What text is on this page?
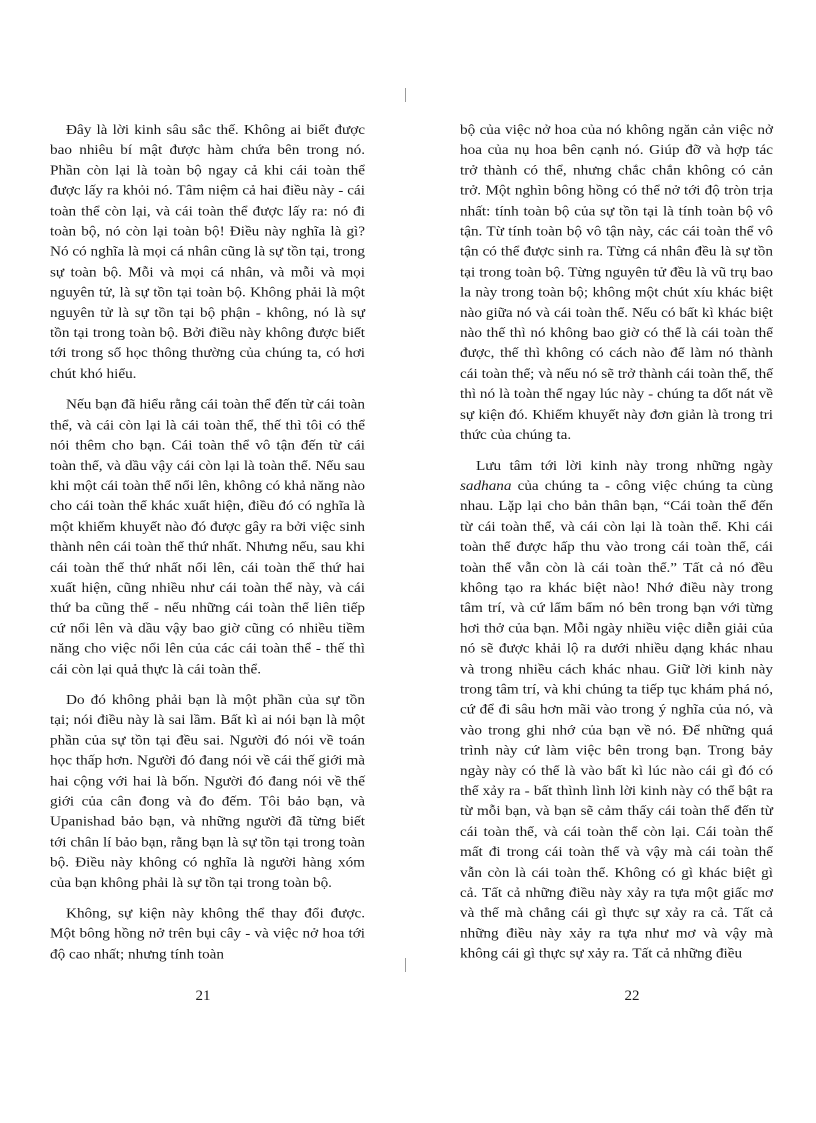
Đây là lời kinh sâu sắc thế. Không ai biết được bao nhiêu bí mật được hàm chứa bên trong nó. Phần còn lại là toàn bộ ngay cả khi cái toàn thể được lấy ra khỏi nó. Tâm niệm cả hai điều này - cái toàn thể còn lại, và cái toàn thể được lấy ra: nó đi toàn bộ, nó còn lại toàn bộ! Điều này nghĩa là gì? Nó có nghĩa là mọi cá nhân cũng là sự tồn tại, trong sự toàn bộ. Mỗi và mọi cá nhân, và mỗi và mọi nguyên tử, là sự tồn tại toàn bộ. Không phải là một nguyên tử là sự tồn tại bộ phận - không, nó là sự tồn tại trong toàn bộ. Bởi điều này không được biết tới trong số học thông thường của chúng ta, có hơi chút khó hiểu.

Nếu bạn đã hiểu rằng cái toàn thể đến từ cái toàn thể, và cái còn lại là cái toàn thể, thế thì tôi có thể nói thêm cho bạn. Cái toàn thể vô tận đến từ cái toàn thể, và dầu vậy cái còn lại là toàn thể. Nếu sau khi một cái toàn thể nổi lên, không có khả năng nào cho cái toàn thể khác xuất hiện, điều đó có nghĩa là một khiếm khuyết nào đó được gây ra bởi việc sinh thành nên cái toàn thể thứ nhất. Nhưng nếu, sau khi cái toàn thể thứ nhất nổi lên, cái toàn thể thứ hai xuất hiện, cũng nhiều như cái toàn thể này, và cái thứ ba cũng thế - nếu những cái toàn thể liên tiếp cứ nổi lên và dầu vậy bao giờ cũng có nhiều tiềm năng cho việc nổi lên của các cái toàn thể - thế thì cái còn lại quả thực là cái toàn thể.

Do đó không phải bạn là một phần của sự tồn tại; nói điều này là sai lầm. Bất kì ai nói bạn là một phần của sự tồn tại đều sai. Người đó nói về toán học thấp hơn. Người đó đang nói về cái thế giới mà hai cộng với hai là bốn. Người đó đang nói về thế giới của cân đong và đo đếm. Tôi bảo bạn, và Upanishad bảo bạn, và những người đã từng biết tới chân lí bảo bạn, rằng bạn là sự tồn tại trong toàn bộ. Điều này không có nghĩa là người hàng xóm của bạn không phải là sự tồn tại trong toàn bộ.

Không, sự kiện này không thể thay đổi được. Một bông hồng nở trên bụi cây - và việc nở hoa tới độ cao nhất; nhưng tính toàn

21

bộ của việc nở hoa của nó không ngăn cản việc nở hoa của nụ hoa bên cạnh nó. Giúp đỡ và hợp tác trở thành có thể, nhưng chắc chắn không có cản trở. Một nghìn bông hồng có thể nở tới độ tròn trịa nhất: tính toàn bộ của sự tồn tại là tính toàn bộ vô tận. Từ tính toàn bộ vô tận này, các cái toàn thể vô tận có thể được sinh ra. Từng cá nhân đều là sự tồn tại trong toàn bộ. Từng nguyên tử đều là vũ trụ bao la này trong toàn bộ; không một chút xíu khác biệt nào giữa nó và cái toàn thể. Nếu có bất kì khác biệt nào thế thì nó không bao giờ có thể là cái toàn thể được, thế thì không có cách nào để làm nó thành cái toàn thể; và nếu nó sẽ trở thành cái toàn thể, thế thì nó là toàn thể ngay lúc này - chúng ta dốt nát về sự kiện đó. Khiếm khuyết này đơn giản là trong tri thức của chúng ta.

Lưu tâm tới lời kinh này trong những ngày sadhana của chúng ta - công việc chúng ta cùng nhau. Lặp lại cho bản thân bạn, “Cái toàn thể đến từ cái toàn thể, và cái còn lại là toàn thể. Khi cái toàn thể được hấp thu vào trong cái toàn thể, cái toàn thể vẫn còn là cái toàn thể.” Tất cả nó đều không tạo ra khác biệt nào! Nhớ điều này trong tâm trí, và cứ lẩm bẩm nó bên trong bạn với từng hơi thở của bạn. Mỗi ngày nhiều việc diễn giải của nó sẽ được khải lộ ra dưới nhiều dạng khác nhau và trong nhiều cách khác nhau. Giữ lời kinh này trong tâm trí, và khi chúng ta tiếp tục khám phá nó, cứ để đi sâu hơn mãi vào trong ý nghĩa của nó, và vào trong ghi nhớ của bạn về nó. Để những quá trình này cứ làm việc bên trong bạn. Trong bảy ngày này có thể là vào bất kì lúc nào cái gì đó có thể xảy ra - bất thình lình lời kinh này có thể bật ra từ mỗi bạn, và bạn sẽ cảm thấy cái toàn thể đến từ cái toàn thể, và cái toàn thể còn lại. Cái toàn thể mất đi trong cái toàn thể và vậy mà cái toàn thể vẫn còn là cái toàn thể. Không có gì khác biệt gì cả. Tất cả những điều này xảy ra tựa một giấc mơ và thế mà chẳng cái gì thực sự xảy ra cả. Tất cả những điều này xảy ra tựa như mơ và vậy mà không cái gì thực sự xảy ra. Tất cả những điều

22
